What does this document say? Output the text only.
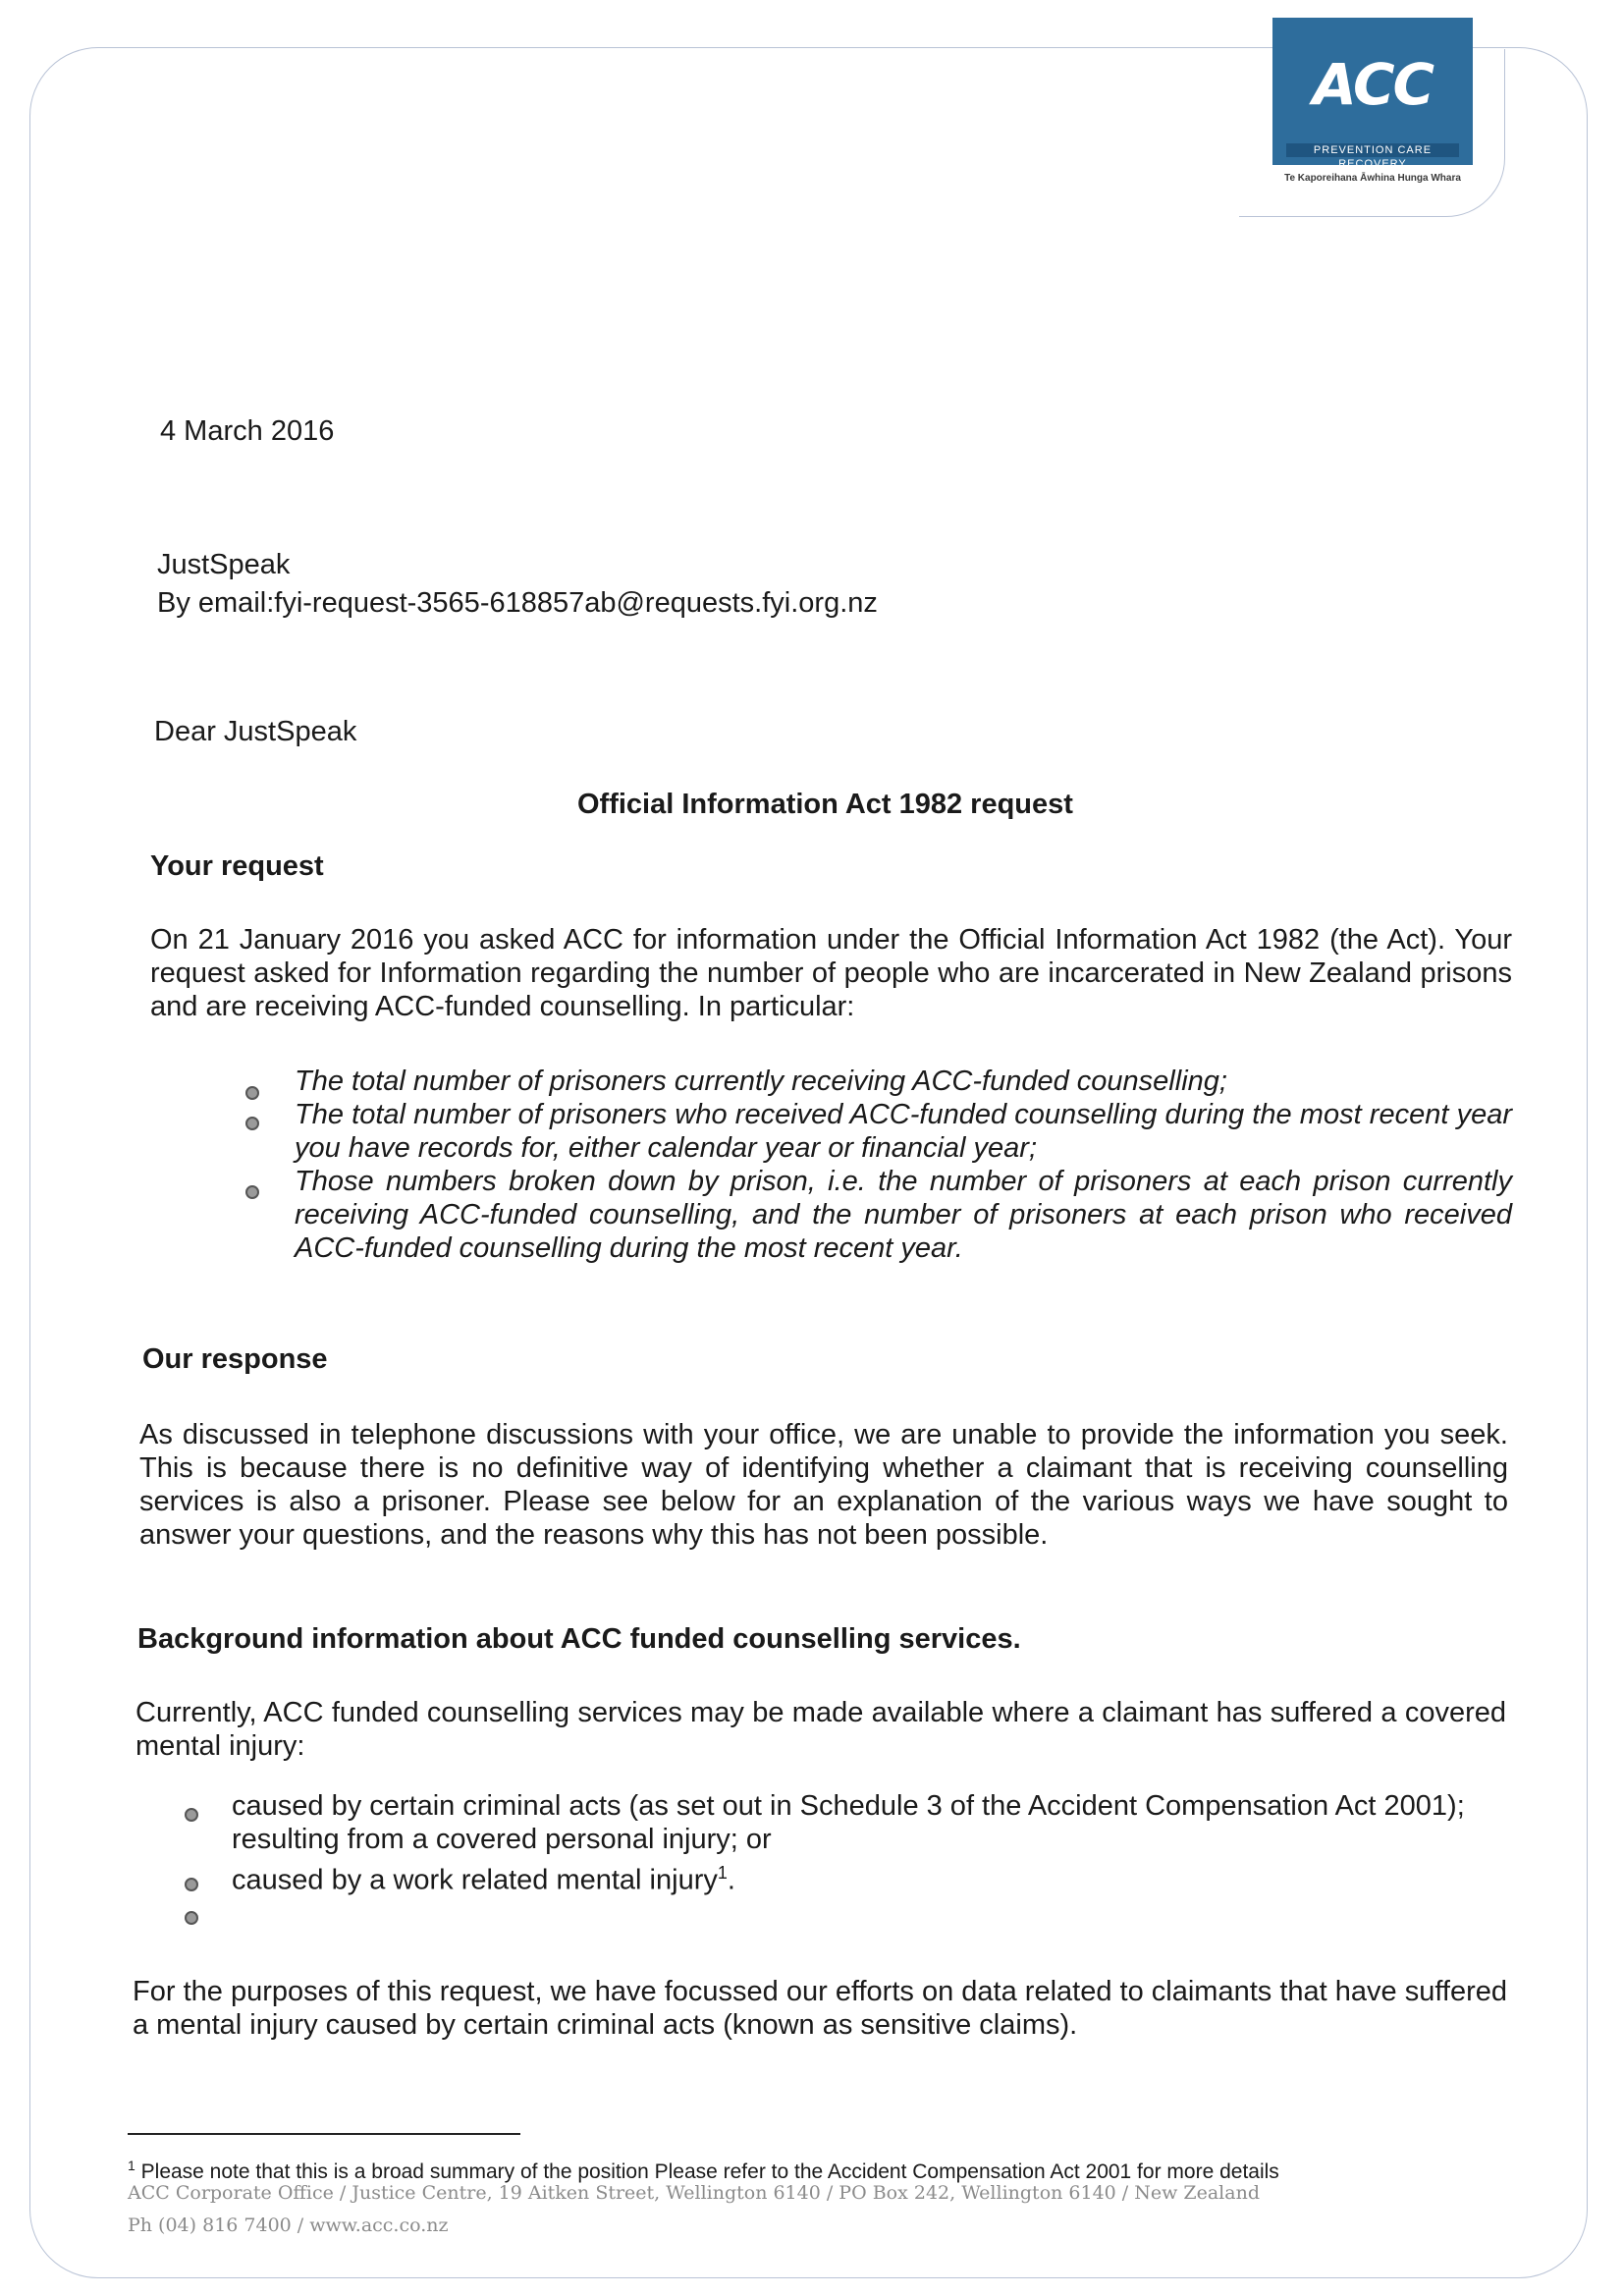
ACC
PREVENTION CARE RECOVERY
Te Kaporeihana Āwhina Hunga Whara
4 March 2016
JustSpeak
By email:fyi-request-3565-618857ab@requests.fyi.org.nz
Dear JustSpeak
Official Information Act 1982 request
Your request
On 21 January 2016 you asked ACC for information under the Official Information Act 1982 (the Act). Your request asked for Information regarding the number of people who are incarcerated in New Zealand prisons and are receiving ACC-funded counselling. In particular:
The total number of prisoners currently receiving ACC-funded counselling;
The total number of prisoners who received ACC-funded counselling during the most recent year you have records for, either calendar year or financial year;
Those numbers broken down by prison, i.e. the number of prisoners at each prison currently receiving ACC-funded counselling, and the number of prisoners at each prison who received ACC-funded counselling during the most recent year.
Our response
As discussed in telephone discussions with your office, we are unable to provide the information you seek. This is because there is no definitive way of identifying whether a claimant that is receiving counselling services is also a prisoner. Please see below for an explanation of the various ways we have sought to answer your questions, and the reasons why this has not been possible.
Background information about ACC funded counselling services.
Currently, ACC funded counselling services may be made available where a claimant has suffered a covered mental injury:
caused by certain criminal acts (as set out in Schedule 3 of the Accident Compensation Act 2001);
resulting from a covered personal injury; or
caused by a work related mental injury$^1$.
For the purposes of this request, we have focussed our efforts on data related to claimants that have suffered a mental injury caused by certain criminal acts (known as sensitive claims).
$^1$ Please note that this is a broad summary of the position Please refer to the Accident Compensation Act 2001 for more details
ACC Corporate Office / Justice Centre, 19 Aitken Street, Wellington 6140 / PO Box 242, Wellington 6140 / New Zealand
Ph (04) 816 7400 / www.acc.co.nz
